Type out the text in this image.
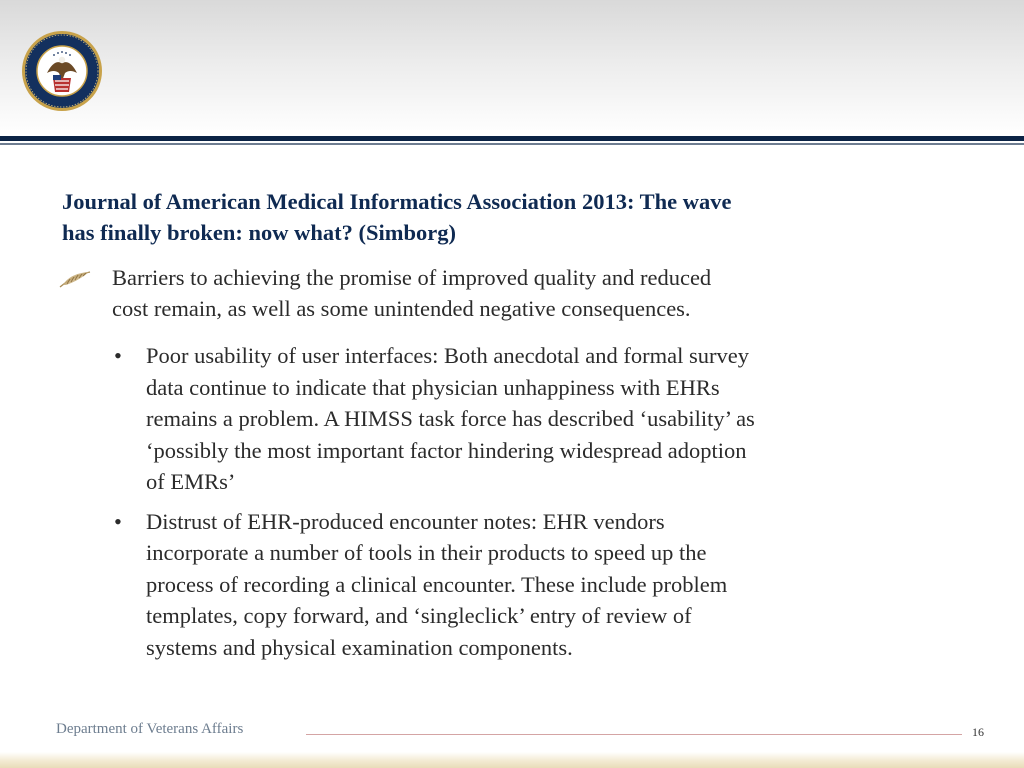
Journal of American Medical Informatics Association 2013: The wave
has finally broken: now what? (Simborg)
Barriers to achieving the promise of improved quality and reduced
cost remain, as well as some unintended negative consequences.
• Poor usability of user interfaces: Both anecdotal and formal survey
data continue to indicate that physician unhappiness with EHRs
remains a problem. A HIMSS task force has described ‘usability’ as
‘possibly the most important factor hindering widespread adoption
of EMRs’
• Distrust of EHR-produced encounter notes: EHR vendors
incorporate a number of tools in their products to speed up the
process of recording a clinical encounter. These include problem
templates, copy forward, and ‘singleclick’ entry of review of
systems and physical examination components.
Department of Veterans Affairs	16
